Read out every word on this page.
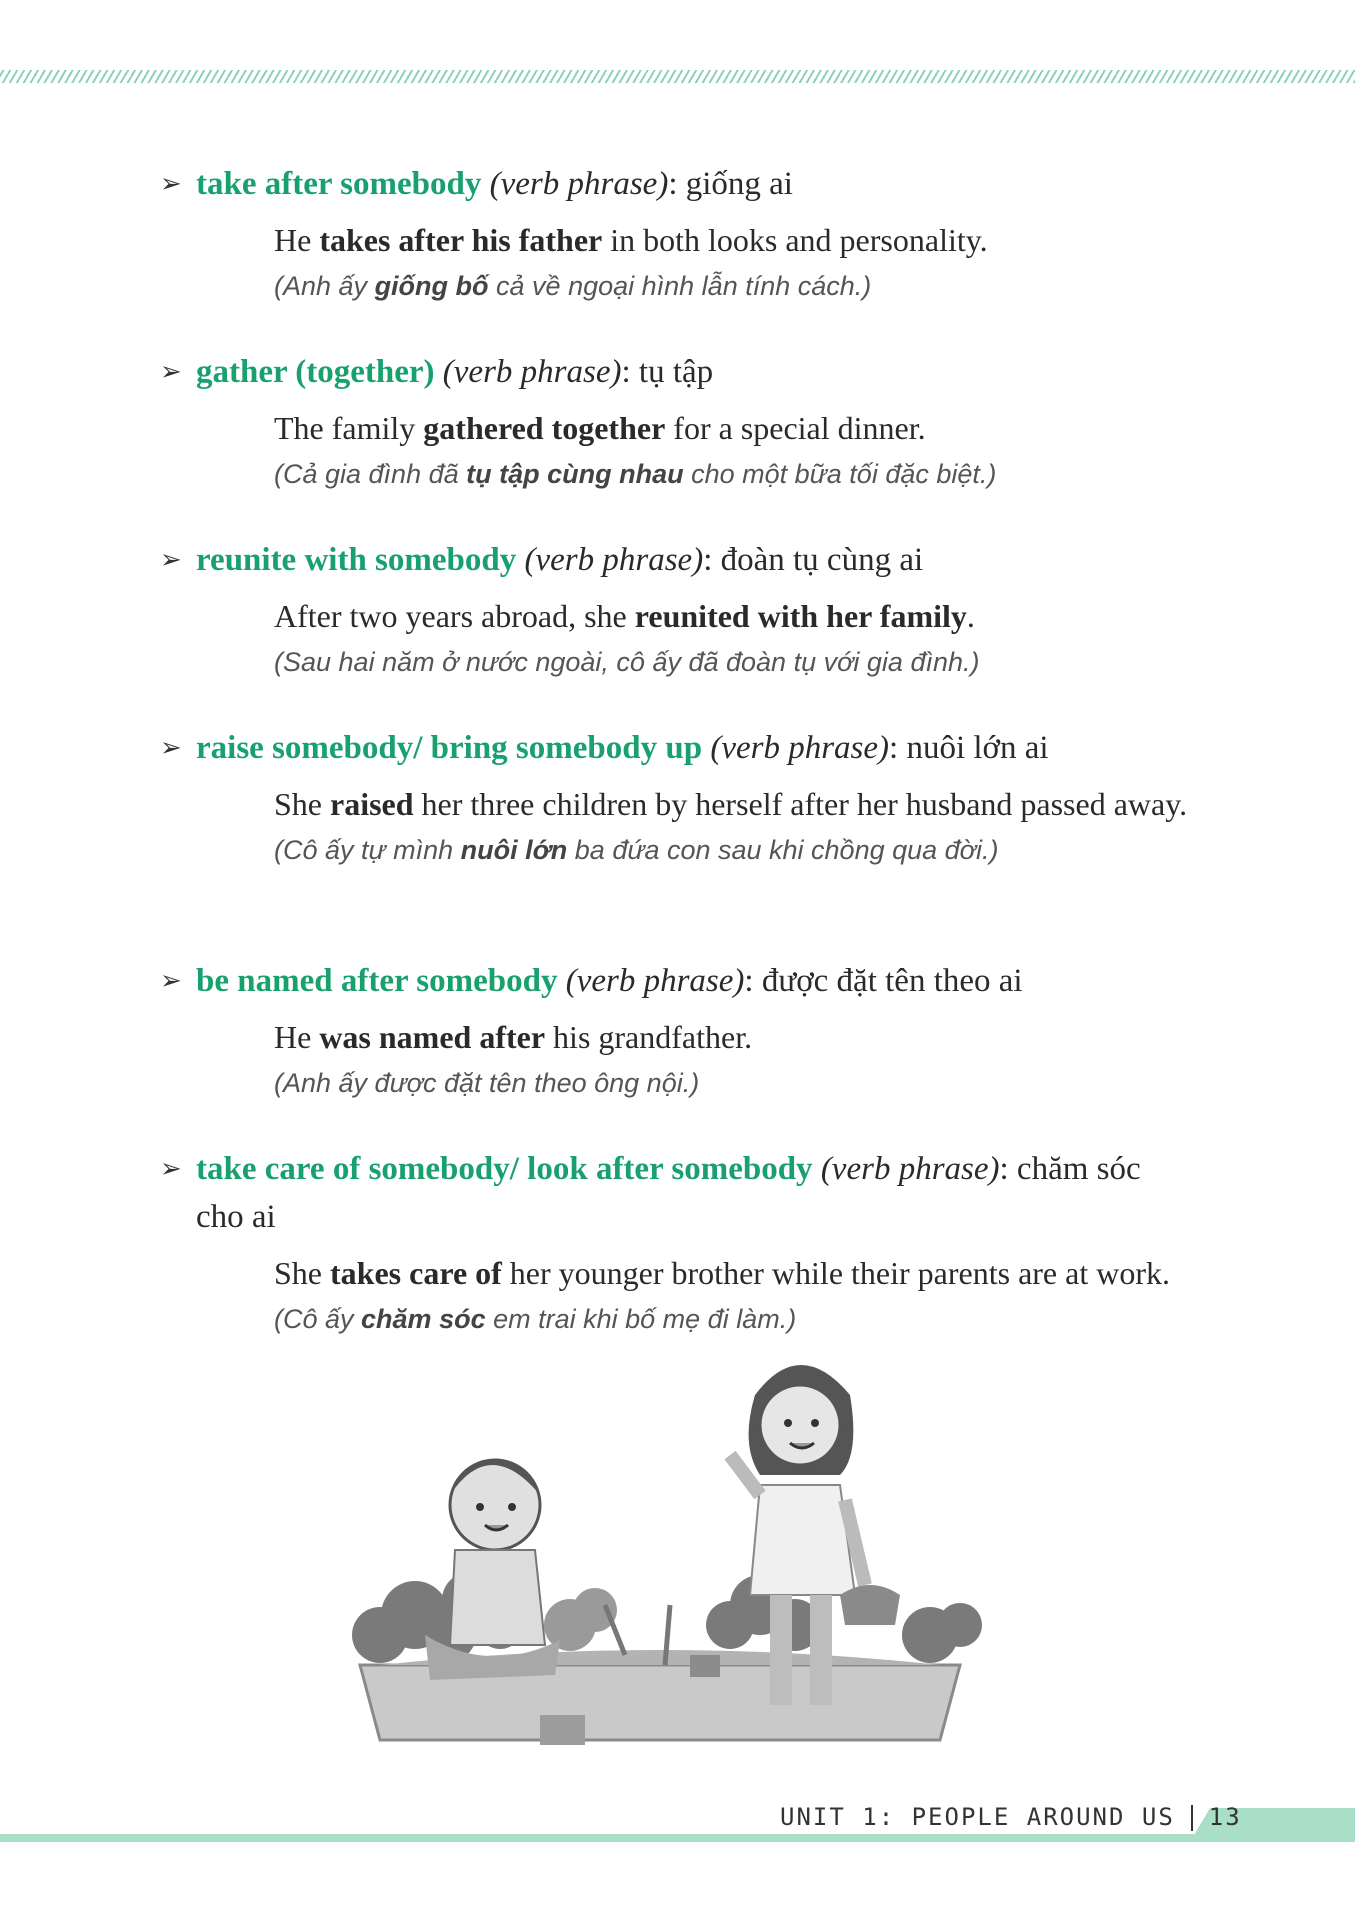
➢ take after somebody (verb phrase): giống ai
He takes after his father in both looks and personality.
(Anh ấy giống bố cả về ngoại hình lẫn tính cách.)
➢ gather (together) (verb phrase): tụ tập
The family gathered together for a special dinner.
(Cả gia đình đã tụ tập cùng nhau cho một bữa tối đặc biệt.)
➢ reunite with somebody (verb phrase): đoàn tụ cùng ai
After two years abroad, she reunited with her family.
(Sau hai năm ở nước ngoài, cô ấy đã đoàn tụ với gia đình.)
➢ raise somebody/ bring somebody up (verb phrase): nuôi lớn ai
She raised her three children by herself after her husband passed away.
(Cô ấy tự mình nuôi lớn ba đứa con sau khi chồng qua đời.)
➢ be named after somebody (verb phrase): được đặt tên theo ai
He was named after his grandfather.
(Anh ấy được đặt tên theo ông nội.)
➢ take care of somebody/ look after somebody (verb phrase): chăm sóc cho ai
She takes care of her younger brother while their parents are at work.
(Cô ấy chăm sóc em trai khi bố mẹ đi làm.)
UNIT 1: PEOPLE AROUND US 13
